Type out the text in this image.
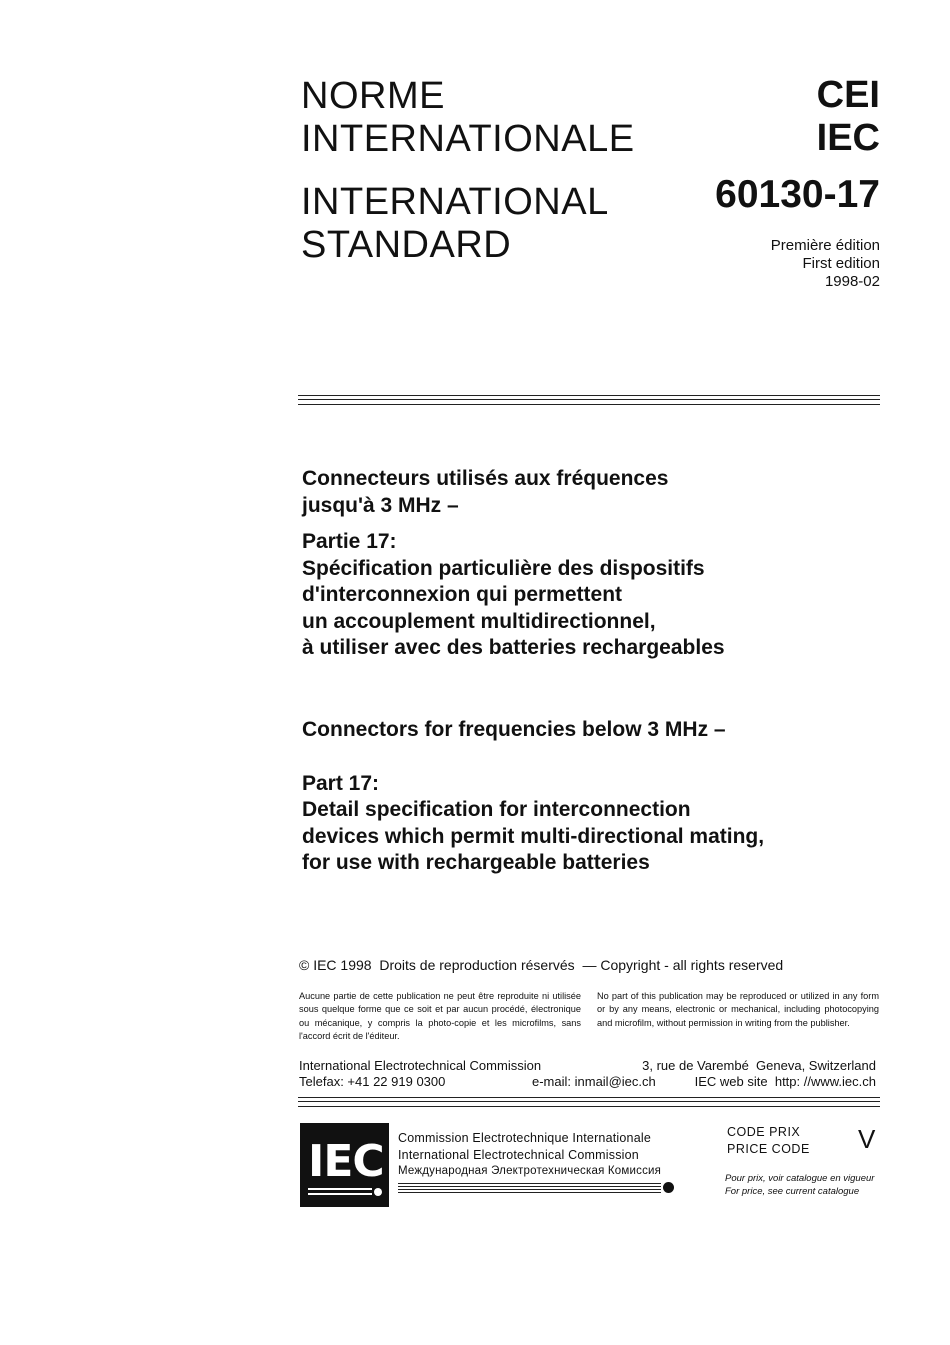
NORME
INTERNATIONALE
INTERNATIONAL
STANDARD
CEI
IEC
60130-17
Première édition
First edition
1998-02
Connecteurs utilisés aux fréquences
jusqu'à 3 MHz –
Partie 17:
Spécification particulière des dispositifs
d'interconnexion qui permettent
un accouplement multidirectionnel,
à utiliser avec des batteries rechargeables
Connectors for frequencies below 3 MHz –
Part 17:
Detail specification for interconnection
devices which permit multi-directional mating,
for use with rechargeable batteries
© IEC 1998  Droits de reproduction réservés  — Copyright - all rights reserved
Aucune partie de cette publication ne peut être reproduite ni utilisée sous quelque forme que ce soit et par aucun procédé, électronique ou mécanique, y compris la photo-copie et les microfilms, sans l'accord écrit de l'éditeur.
No part of this publication may be reproduced or utilized in any form or by any means, electronic or mechanical, including photocopying and microfilm, without permission in writing from the publisher.
International Electrotechnical Commission	3, rue de Varembé  Geneva, Switzerland
Telefax: +41 22 919 0300	e-mail: inmail@iec.ch	IEC web site  http: //www.iec.ch
IEC Commission Electrotechnique Internationale
International Electrotechnical Commission
Международная Электротехническая Комиссия
CODE PRIX
PRICE CODE V
Pour prix, voir catalogue en vigueur
For price, see current catalogue
